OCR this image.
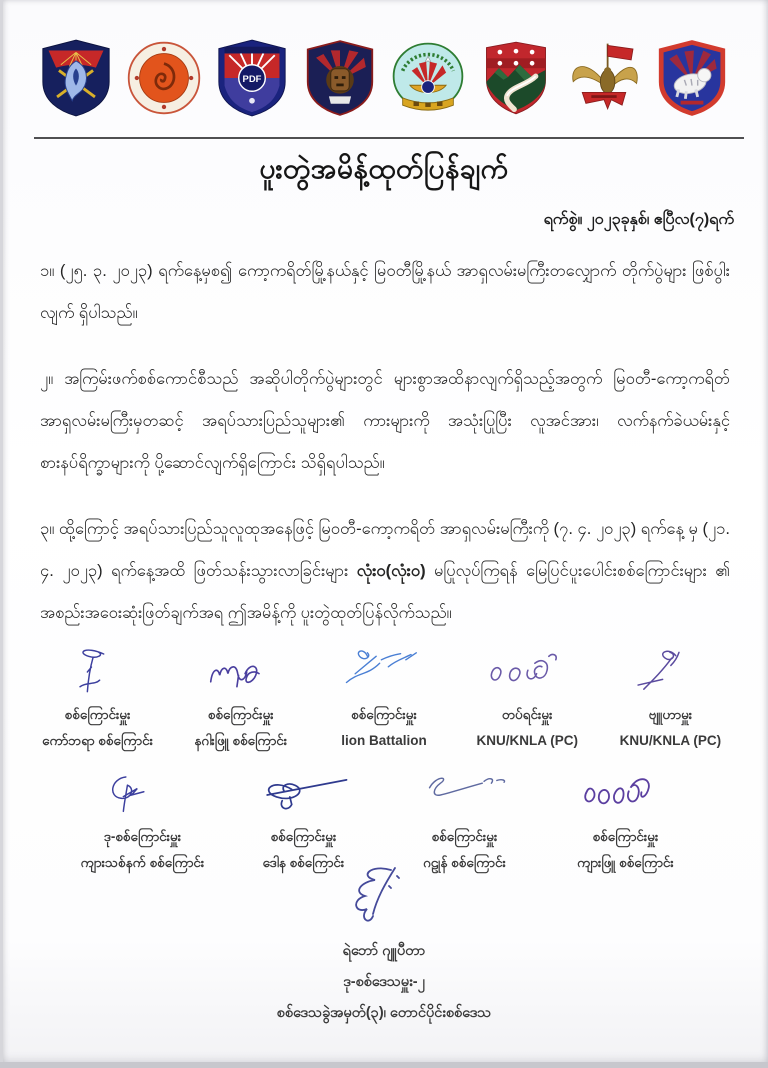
PDF
ပူးတွဲအမိန့်ထုတ်ပြန်ချက်
ရက်စွဲ။ ၂၀၂၃ခုနှစ်၊ ဧပြီလ(၇)ရက်

၁။ (၂၅. ၃. ၂၀၂၃) ရက်နေ့မှစ၍ ကော့ကရိတ်မြို့နယ်နှင့် မြဝတီမြို့နယ် အာရှလမ်းမကြီးတလျှောက် တိုက်ပွဲများ ဖြစ်ပွါးလျက် ရှိပါသည်။

၂။ အကြမ်းဖက်စစ်ကောင်စီသည် အဆိုပါတိုက်ပွဲများတွင် များစွာအထိနာလျက်ရှိသည့်အတွက် မြဝတီ-ကော့ကရိတ် အာရှလမ်းမကြီးမှတဆင့် အရပ်သားပြည်သူများ၏ ကားများကို အသုံးပြုပြီး လူအင်အား၊ လက်နက်ခဲယမ်းနှင့် စားနပ်ရိက္ခာများကို ပို့ဆောင်လျက်ရှိကြောင်း သိရှိရပါသည်။

၃။ ထို့ကြောင့် အရပ်သားပြည်သူလူထုအနေဖြင့် မြဝတီ-ကော့ကရိတ် အာရှလမ်းမကြီးကို (၇. ၄. ၂၀၂၃) ရက်နေ့ မှ (၂၁. ၄. ၂၀၂၃) ရက်နေ့အထိ ဖြတ်သန်းသွားလာခြင်းများ လုံးဝ(လုံးဝ) မပြုလုပ်ကြရန် မြေပြင်ပူးပေါင်းစစ်ကြောင်းများ ၏ အစည်းအဝေးဆုံးဖြတ်ချက်အရ ဤအမိန့်ကို ပူးတွဲထုတ်ပြန်လိုက်သည်။

စစ်ကြောင်းမှူး
ကော်ဘရာ စစ်ကြောင်း
စစ်ကြောင်းမှူး
နဂါးဖြူ စစ်ကြောင်း
စစ်ကြောင်းမှူး
lion Battalion
တပ်ရင်းမှူး
KNU/KNLA (PC)
ဗျူဟာမှူး
KNU/KNLA (PC)
ဒု-စစ်ကြောင်းမှူး
ကျားသစ်နက် စစ်ကြောင်း
စစ်ကြောင်းမှူး
ဒေါန စစ်ကြောင်း
စစ်ကြောင်းမှူး
ဂဠုန် စစ်ကြောင်း
စစ်ကြောင်းမှူး
ကျားဖြူ စစ်ကြောင်း
ရဲဘော် ဂျူပီတာ
ဒု-စစ်ဒေသမှူး-၂
စစ်ဒေသခွဲအမှတ်(၃)၊ တောင်ပိုင်းစစ်ဒေသ
